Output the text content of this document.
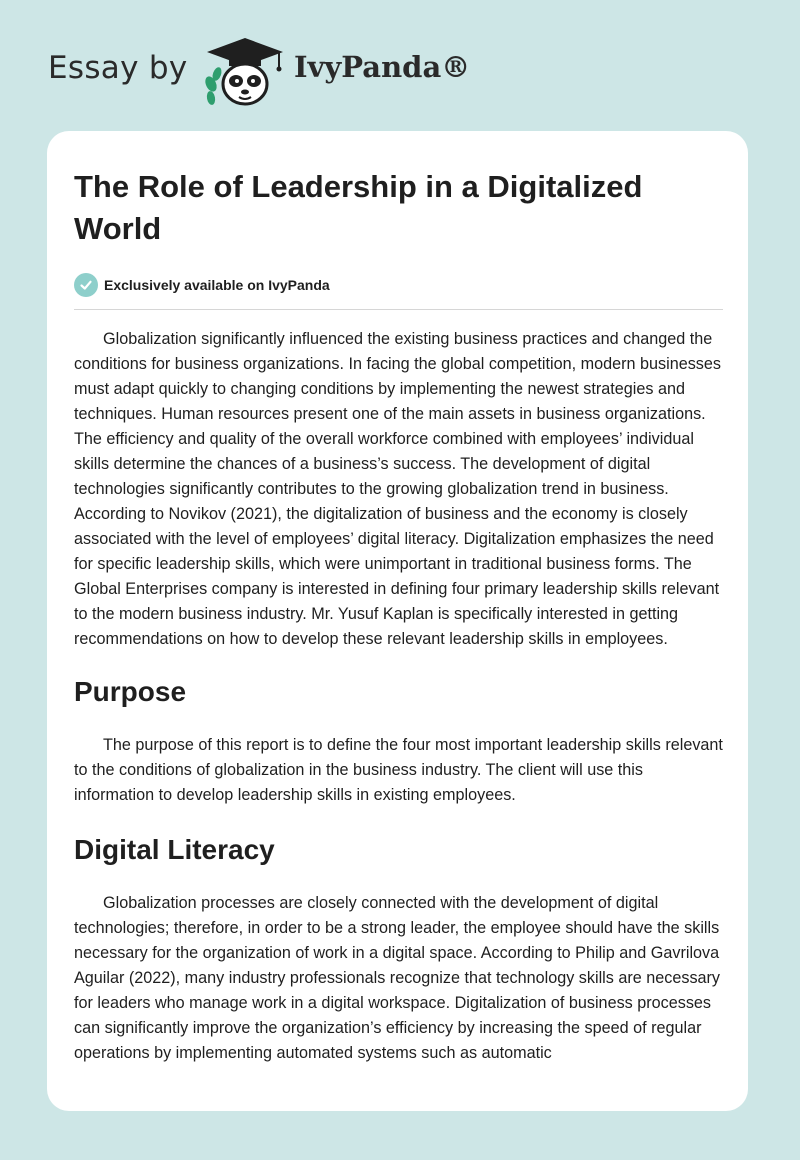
Essay by	IvyPanda®
The Role of Leadership in a Digitalized World
Exclusively available on IvyPanda

Globalization significantly influenced the existing business practices and changed the conditions for business organizations. In facing the global competition, modern businesses must adapt quickly to changing conditions by implementing the newest strategies and techniques. Human resources present one of the main assets in business organizations. The efficiency and quality of the overall workforce combined with employees’ individual skills determine the chances of a business’s success. The development of digital technologies significantly contributes to the growing globalization trend in business. According to Novikov (2021), the digitalization of business and the economy is closely associated with the level of employees’ digital literacy. Digitalization emphasizes the need for specific leadership skills, which were unimportant in traditional business forms. The Global Enterprises company is interested in defining four primary leadership skills relevant to the modern business industry. Mr. Yusuf Kaplan is specifically interested in getting recommendations on how to develop these relevant leadership skills in employees.

Purpose

The purpose of this report is to define the four most important leadership skills relevant to the conditions of globalization in the business industry. The client will use this information to develop leadership skills in existing employees.

Digital Literacy

Globalization processes are closely connected with the development of digital technologies; therefore, in order to be a strong leader, the employee should have the skills necessary for the organization of work in a digital space. According to Philip and Gavrilova Aguilar (2022), many industry professionals recognize that technology skills are necessary for leaders who manage work in a digital workspace. Digitalization of business processes can significantly improve the organization’s efficiency by increasing the speed of regular operations by implementing automated systems such as automatic
